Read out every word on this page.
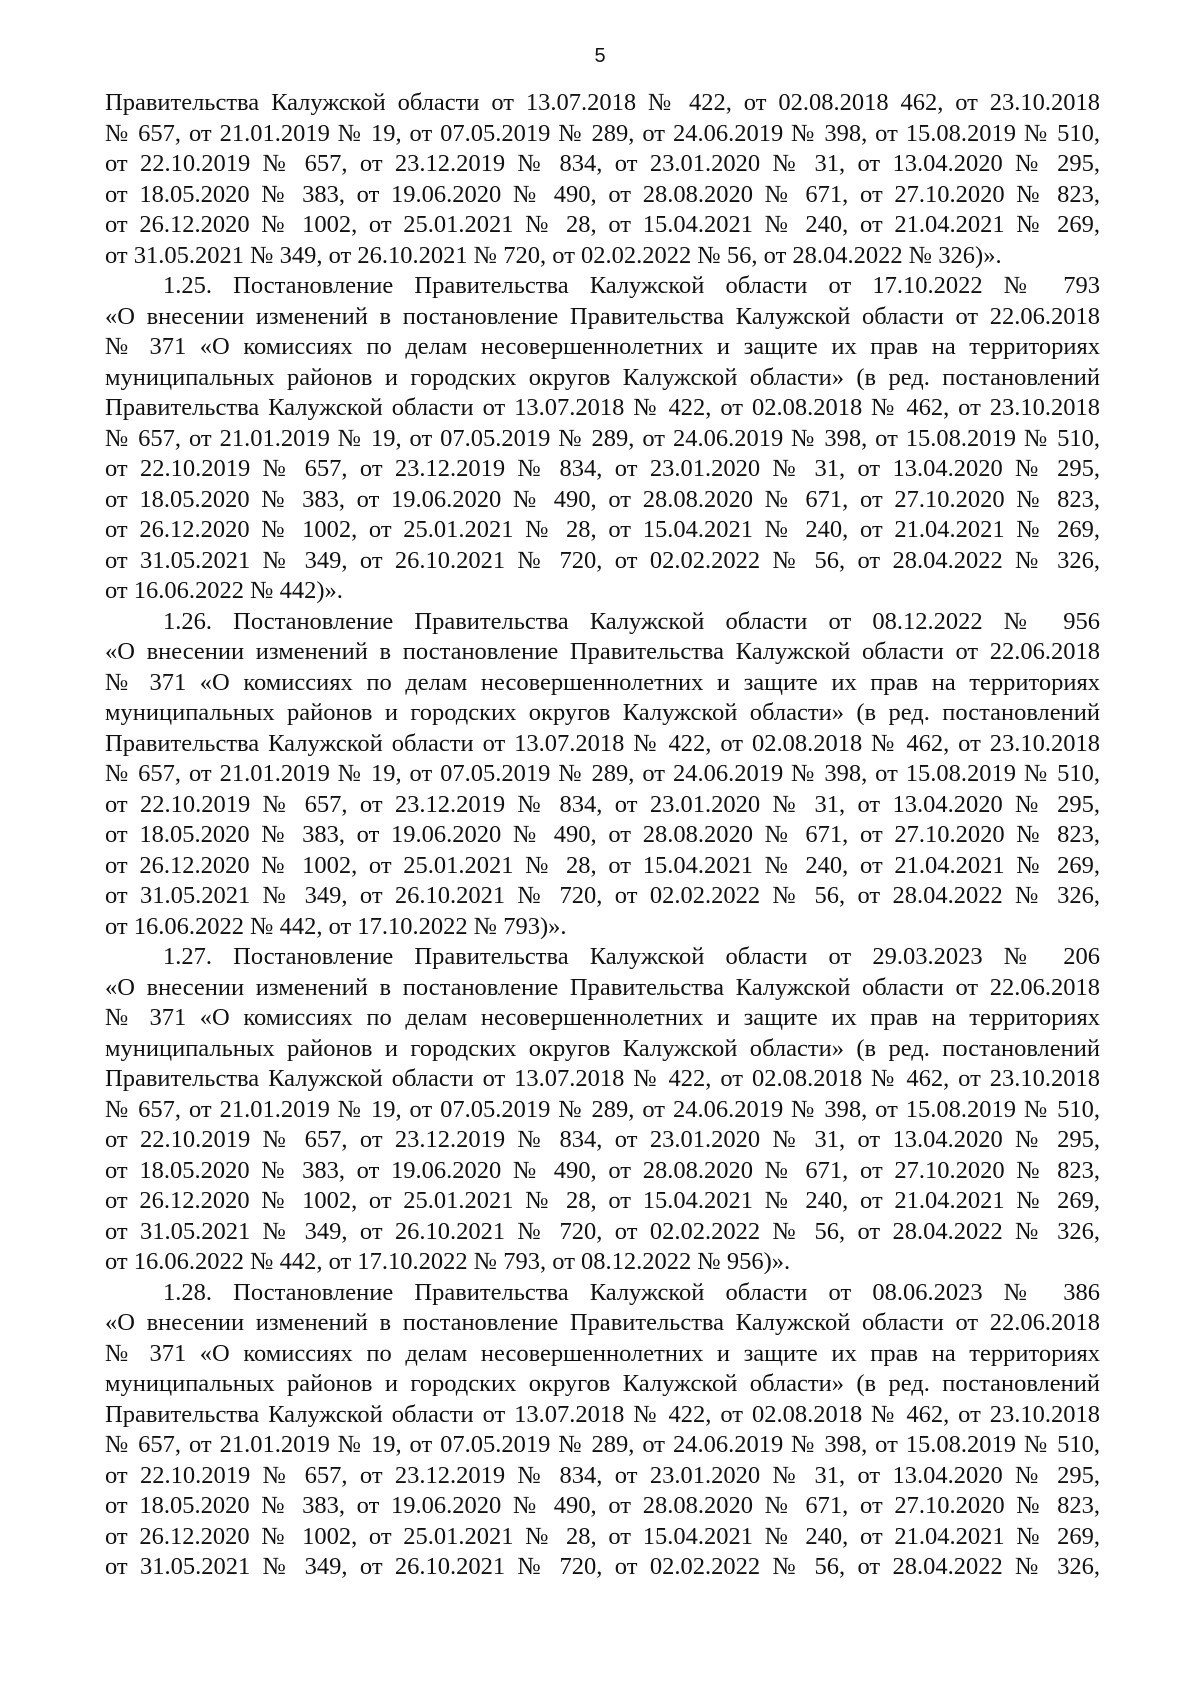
5
Правительства Калужской области от 13.07.2018 № 422, от 02.08.2018 462, от 23.10.2018
№ 657, от 21.01.2019 № 19, от 07.05.2019 № 289, от 24.06.2019 № 398, от 15.08.2019 № 510,
от 22.10.2019 № 657, от 23.12.2019 № 834, от 23.01.2020 № 31, от 13.04.2020 № 295,
от 18.05.2020 № 383, от 19.06.2020 № 490, от 28.08.2020 № 671, от 27.10.2020 № 823,
от 26.12.2020 № 1002, от 25.01.2021 № 28, от 15.04.2021 № 240, от 21.04.2021 № 269,
от 31.05.2021 № 349, от 26.10.2021 № 720, от 02.02.2022 № 56, от 28.04.2022 № 326)».
1.25. Постановление Правительства Калужской области от 17.10.2022 № 793
«О внесении изменений в постановление Правительства Калужской области от 22.06.2018
№ 371 «О комиссиях по делам несовершеннолетних и защите их прав на территориях
муниципальных районов и городских округов Калужской области» (в ред. постановлений
Правительства Калужской области от 13.07.2018 № 422, от 02.08.2018 № 462, от 23.10.2018
№ 657, от 21.01.2019 № 19, от 07.05.2019 № 289, от 24.06.2019 № 398, от 15.08.2019 № 510,
от 22.10.2019 № 657, от 23.12.2019 № 834, от 23.01.2020 № 31, от 13.04.2020 № 295,
от 18.05.2020 № 383, от 19.06.2020 № 490, от 28.08.2020 № 671, от 27.10.2020 № 823,
от 26.12.2020 № 1002, от 25.01.2021 № 28, от 15.04.2021 № 240, от 21.04.2021 № 269,
от 31.05.2021 № 349, от 26.10.2021 № 720, от 02.02.2022 № 56, от 28.04.2022 № 326,
от 16.06.2022 № 442)».
1.26. Постановление Правительства Калужской области от 08.12.2022 № 956
«О внесении изменений в постановление Правительства Калужской области от 22.06.2018
№ 371 «О комиссиях по делам несовершеннолетних и защите их прав на территориях
муниципальных районов и городских округов Калужской области» (в ред. постановлений
Правительства Калужской области от 13.07.2018 № 422, от 02.08.2018 № 462, от 23.10.2018
№ 657, от 21.01.2019 № 19, от 07.05.2019 № 289, от 24.06.2019 № 398, от 15.08.2019 № 510,
от 22.10.2019 № 657, от 23.12.2019 № 834, от 23.01.2020 № 31, от 13.04.2020 № 295,
от 18.05.2020 № 383, от 19.06.2020 № 490, от 28.08.2020 № 671, от 27.10.2020 № 823,
от 26.12.2020 № 1002, от 25.01.2021 № 28, от 15.04.2021 № 240, от 21.04.2021 № 269,
от 31.05.2021 № 349, от 26.10.2021 № 720, от 02.02.2022 № 56, от 28.04.2022 № 326,
от 16.06.2022 № 442, от 17.10.2022 № 793)».
1.27. Постановление Правительства Калужской области от 29.03.2023 № 206
«О внесении изменений в постановление Правительства Калужской области от 22.06.2018
№ 371 «О комиссиях по делам несовершеннолетних и защите их прав на территориях
муниципальных районов и городских округов Калужской области» (в ред. постановлений
Правительства Калужской области от 13.07.2018 № 422, от 02.08.2018 № 462, от 23.10.2018
№ 657, от 21.01.2019 № 19, от 07.05.2019 № 289, от 24.06.2019 № 398, от 15.08.2019 № 510,
от 22.10.2019 № 657, от 23.12.2019 № 834, от 23.01.2020 № 31, от 13.04.2020 № 295,
от 18.05.2020 № 383, от 19.06.2020 № 490, от 28.08.2020 № 671, от 27.10.2020 № 823,
от 26.12.2020 № 1002, от 25.01.2021 № 28, от 15.04.2021 № 240, от 21.04.2021 № 269,
от 31.05.2021 № 349, от 26.10.2021 № 720, от 02.02.2022 № 56, от 28.04.2022 № 326,
от 16.06.2022 № 442, от 17.10.2022 № 793, от 08.12.2022 № 956)».
1.28. Постановление Правительства Калужской области от 08.06.2023 № 386
«О внесении изменений в постановление Правительства Калужской области от 22.06.2018
№ 371 «О комиссиях по делам несовершеннолетних и защите их прав на территориях
муниципальных районов и городских округов Калужской области» (в ред. постановлений
Правительства Калужской области от 13.07.2018 № 422, от 02.08.2018 № 462, от 23.10.2018
№ 657, от 21.01.2019 № 19, от 07.05.2019 № 289, от 24.06.2019 № 398, от 15.08.2019 № 510,
от 22.10.2019 № 657, от 23.12.2019 № 834, от 23.01.2020 № 31, от 13.04.2020 № 295,
от 18.05.2020 № 383, от 19.06.2020 № 490, от 28.08.2020 № 671, от 27.10.2020 № 823,
от 26.12.2020 № 1002, от 25.01.2021 № 28, от 15.04.2021 № 240, от 21.04.2021 № 269,
от 31.05.2021 № 349, от 26.10.2021 № 720, от 02.02.2022 № 56, от 28.04.2022 № 326,
